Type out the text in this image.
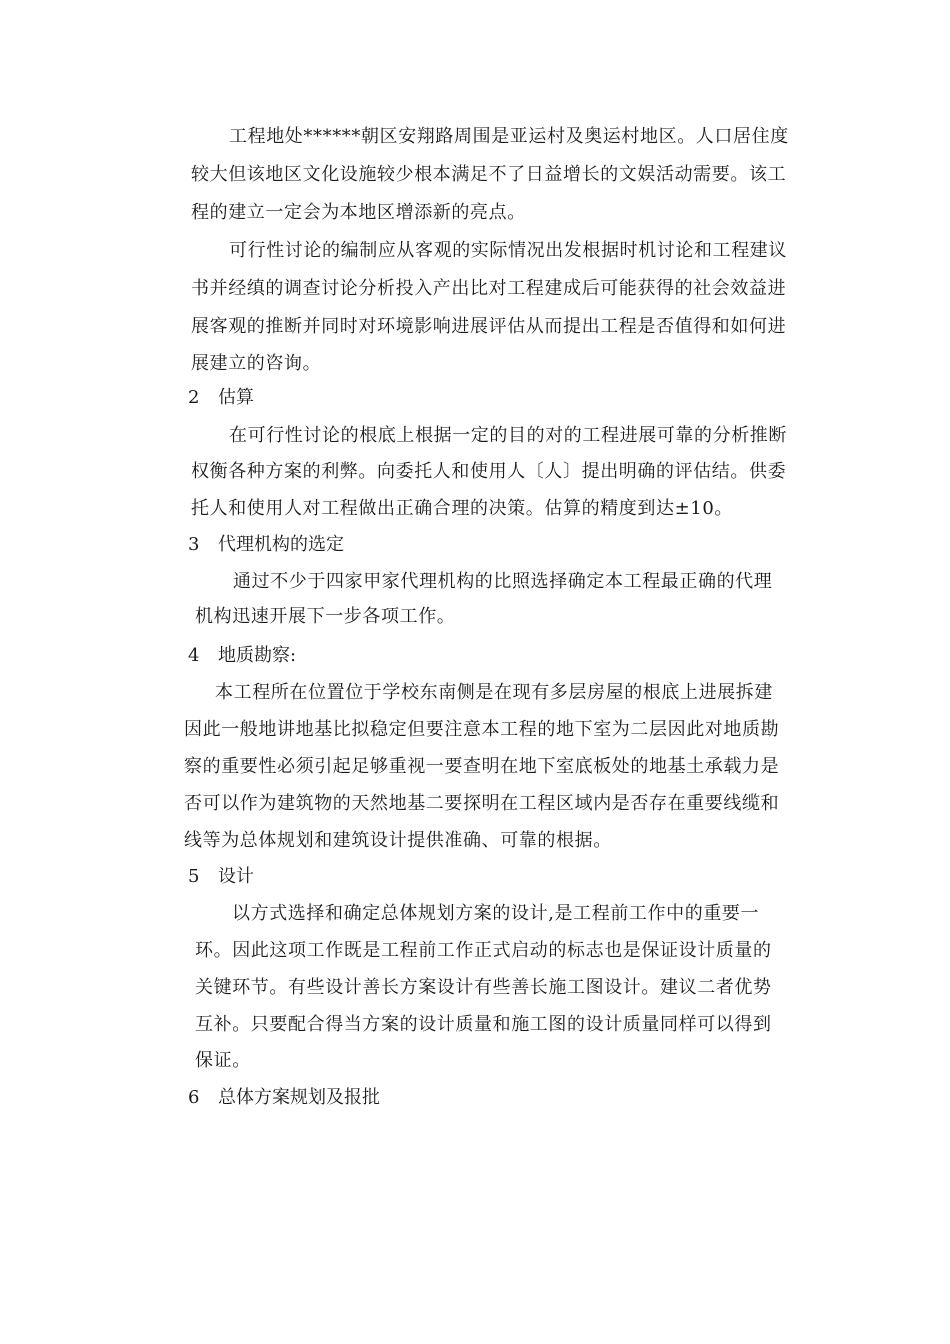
工程地处******朝区安翔路周围是亚运村及奥运村地区。人口居住度
较大但该地区文化设施较少根本满足不了日益增长的文娱活动需要。该工
程的建立一定会为本地区增添新的亮点。
可行性讨论的编制应从客观的实际情况出发根据时机讨论和工程建议
书并经缜的调查讨论分析投入产出比对工程建成后可能获得的社会效益进
展客观的推断并同时对环境影响进展评估从而提出工程是否值得和如何进
展建立的咨询。
2 估算
在可行性讨论的根底上根据一定的目的对的工程进展可靠的分析推断
权衡各种方案的利弊。向委托人和使用人〔人〕提出明确的评估结。供委
托人和使用人对工程做出正确合理的决策。估算的精度到达±10。
3 代理机构的选定
通过不少于四家甲家代理机构的比照选择确定本工程最正确的代理
机构迅速开展下一步各项工作。
4 地质勘察:
本工程所在位置位于学校东南侧是在现有多层房屋的根底上进展拆建
因此一般地讲地基比拟稳定但要注意本工程的地下室为二层因此对地质勘
察的重要性必须引起足够重视一要查明在地下室底板处的地基土承载力是
否可以作为建筑物的天然地基二要探明在工程区域内是否存在重要线缆和
线等为总体规划和建筑设计提供准确、可靠的根据。
5 设计
以方式选择和确定总体规划方案的设计,是工程前工作中的重要一
环。因此这项工作既是工程前工作正式启动的标志也是保证设计质量的
关键环节。有些设计善长方案设计有些善长施工图设计。建议二者优势
互补。只要配合得当方案的设计质量和施工图的设计质量同样可以得到
保证。
6 总体方案规划及报批
